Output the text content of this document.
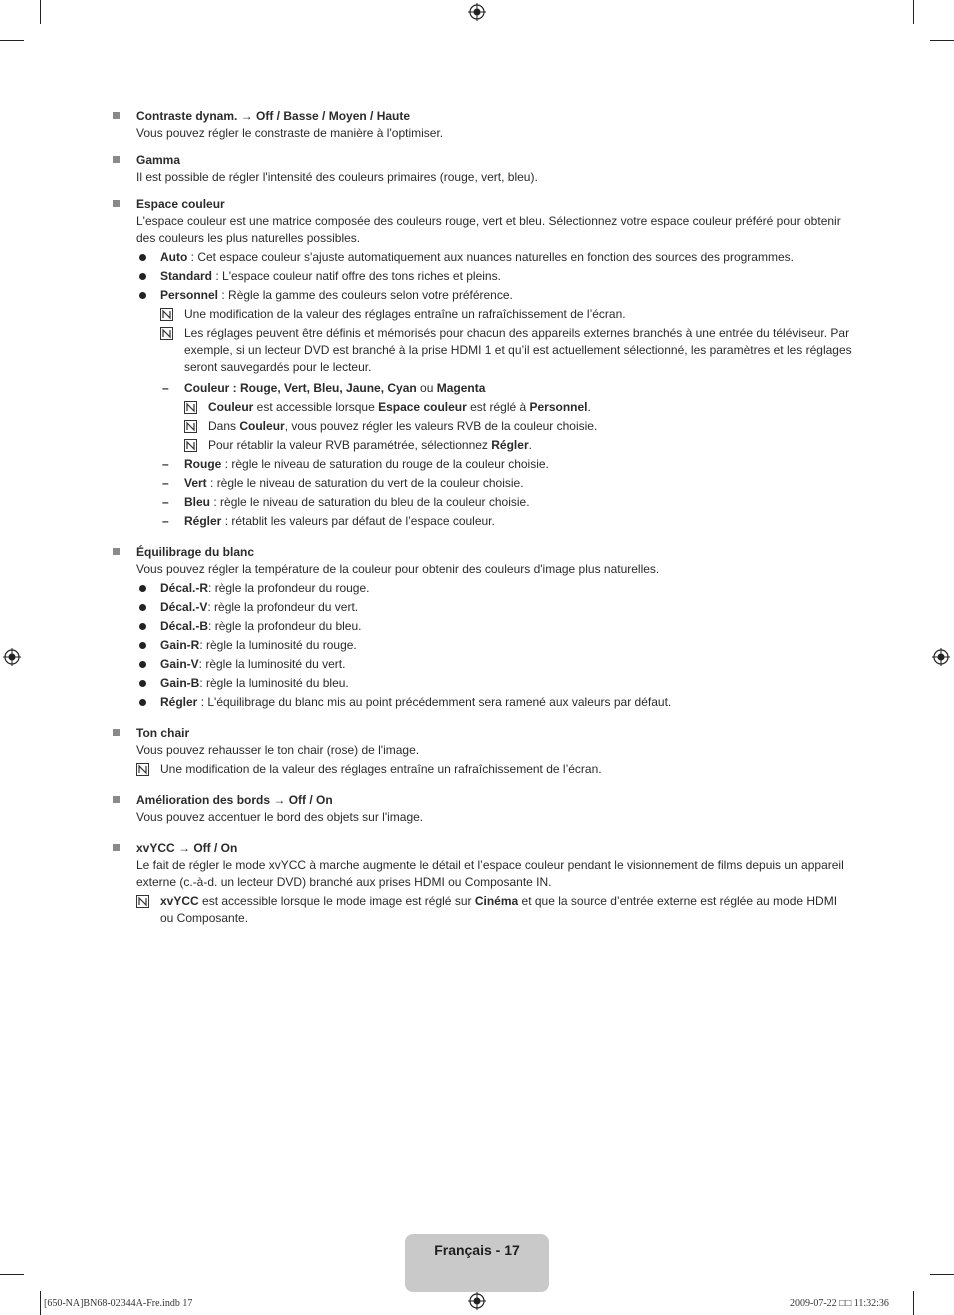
Contraste dynam. → Off / Basse / Moyen / Haute

Vous pouvez régler le constraste de manière à l'optimiser.

Gamma

Il est possible de régler l'intensité des couleurs primaires (rouge, vert, bleu).

Espace couleur

L'espace couleur est une matrice composée des couleurs rouge, vert et bleu. Sélectionnez votre espace couleur préféré pour obtenir des couleurs les plus naturelles possibles.

Auto : Cet espace couleur s'ajuste automatiquement aux nuances naturelles en fonction des sources des programmes.
Standard : L'espace couleur natif offre des tons riches et pleins.
Personnel : Règle la gamme des couleurs selon votre préférence.
Une modification de la valeur des réglages entraîne un rafraîchissement de l’écran.
Les réglages peuvent être définis et mémorisés pour chacun des appareils externes branchés à une entrée du téléviseur. Par exemple, si un lecteur DVD est branché à la prise HDMI 1 et qu’il est actuellement sélectionné, les paramètres et les réglages seront sauvegardés pour le lecteur.
– Couleur : Rouge, Vert, Bleu, Jaune, Cyan ou Magenta
Couleur est accessible lorsque Espace couleur est réglé à Personnel.
Dans Couleur, vous pouvez régler les valeurs RVB de la couleur choisie.
Pour rétablir la valeur RVB paramétrée, sélectionnez Régler.
– Rouge : règle le niveau de saturation du rouge de la couleur choisie.
– Vert : règle le niveau de saturation du vert de la couleur choisie.
– Bleu : règle le niveau de saturation du bleu de la couleur choisie.
– Régler : rétablit les valeurs par défaut de l’espace couleur.

Équilibrage du blanc

Vous pouvez régler la température de la couleur pour obtenir des couleurs d'image plus naturelles.

Décal.-R: règle la profondeur du rouge.
Décal.-V: règle la profondeur du vert.
Décal.-B: règle la profondeur du bleu.
Gain-R: règle la luminosité du rouge.
Gain-V: règle la luminosité du vert.
Gain-B: règle la luminosité du bleu.
Régler : L'équilibrage du blanc mis au point précédemment sera ramené aux valeurs par défaut.

Ton chair

Vous pouvez rehausser le ton chair (rose) de l'image.

Une modification de la valeur des réglages entraîne un rafraîchissement de l’écran.

Amélioration des bords → Off / On

Vous pouvez accentuer le bord des objets sur l'image.

xvYCC → Off / On

Le fait de régler le mode xvYCC à marche augmente le détail et l’espace couleur pendant le visionnement de films depuis un appareil externe (c.-à-d. un lecteur DVD) branché aux prises HDMI ou Composante IN.

xvYCC est accessible lorsque le mode image est réglé sur Cinéma et que la source d’entrée externe est réglée au mode HDMI ou Composante.
Français - 17
[650-NA]BN68-02344A-Fre.indb 17	2009-07-22 □□ 11:32:36
